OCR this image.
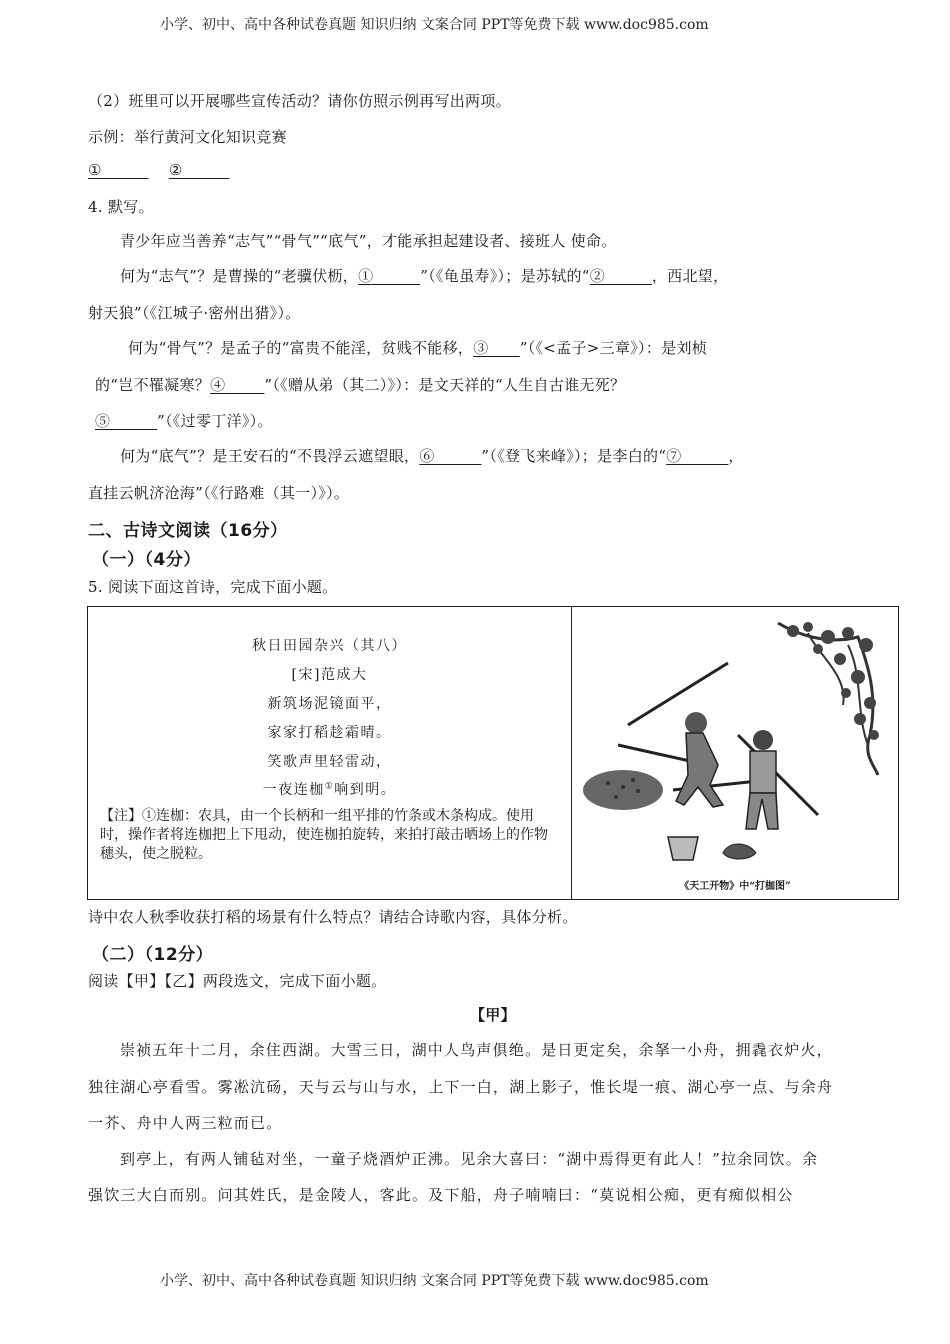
小学、初中、高中各种试卷真题 知识归纳 文案合同 PPT等免费下载 www.doc985.com
（2）班里可以开展哪些宣传活动？请你仿照示例再写出两项。
示例：举行黄河文化知识竞赛
①______ ②______
4. 默写。
青少年应当善养“志气”“骨气”“底气”，才能承担起建设者、接班人 使命。
何为“志气”？是曹操的“老骥伏枥，①______”（《龟虽寿》）；是苏轼的“②______，西北望，
射天狼”（《江城子·密州出猎》）。
何为“骨气”？是孟子的“富贵不能淫，贫贱不能移，③____”（《<孟子>三章》）：是刘桢
的“岂不罹凝寒？④_____”（《赠从弟（其二）》）：是文天祥的“人生自古谁无死？
⑤______”（《过零丁洋》）。
何为“底气”？是王安石的“不畏浮云遮望眼，⑥______”（《登飞来峰》）；是李白的“⑦______，
直挂云帆济沧海”（《行路难（其一）》）。
二、古诗文阅读（16分）
（一）（4分）
5. 阅读下面这首诗，完成下面小题。
秋日田园杂兴（其八）
[宋]范成大
新筑场泥镜面平，
家家打稻趁霜晴。
笑歌声里轻雷动，
一夜连枷①响到明。
【注】①连枷：农具，由一个长柄和一组平排的竹条或木条构成。使用时，操作者将连枷把上下甩动，使连枷拍旋转，来拍打敲击晒场上的作物穗头，使之脱粒。
《天工开物》中“打枷图”
诗中农人秋季收获打稻的场景有什么特点？请结合诗歌内容，具体分析。
（二）（12分）
阅读【甲】【乙】两段选文，完成下面小题。
【甲】
崇祯五年十二月，余住西湖。大雪三日，湖中人鸟声俱绝。是日更定矣，余拏一小舟，拥毳衣炉火，
独往湖心亭看雪。雾凇沆砀，天与云与山与水，上下一白，湖上影子，惟长堤一痕、湖心亭一点、与余舟
一芥、舟中人两三粒而已。
到亭上，有两人铺毡对坐，一童子烧酒炉正沸。见余大喜曰：“湖中焉得更有此人！”拉余同饮。余
强饮三大白而别。问其姓氏，是金陵人，客此。及下船，舟子喃喃曰：“莫说相公痴，更有痴似相公
小学、初中、高中各种试卷真题 知识归纳 文案合同 PPT等免费下载 www.doc985.com
